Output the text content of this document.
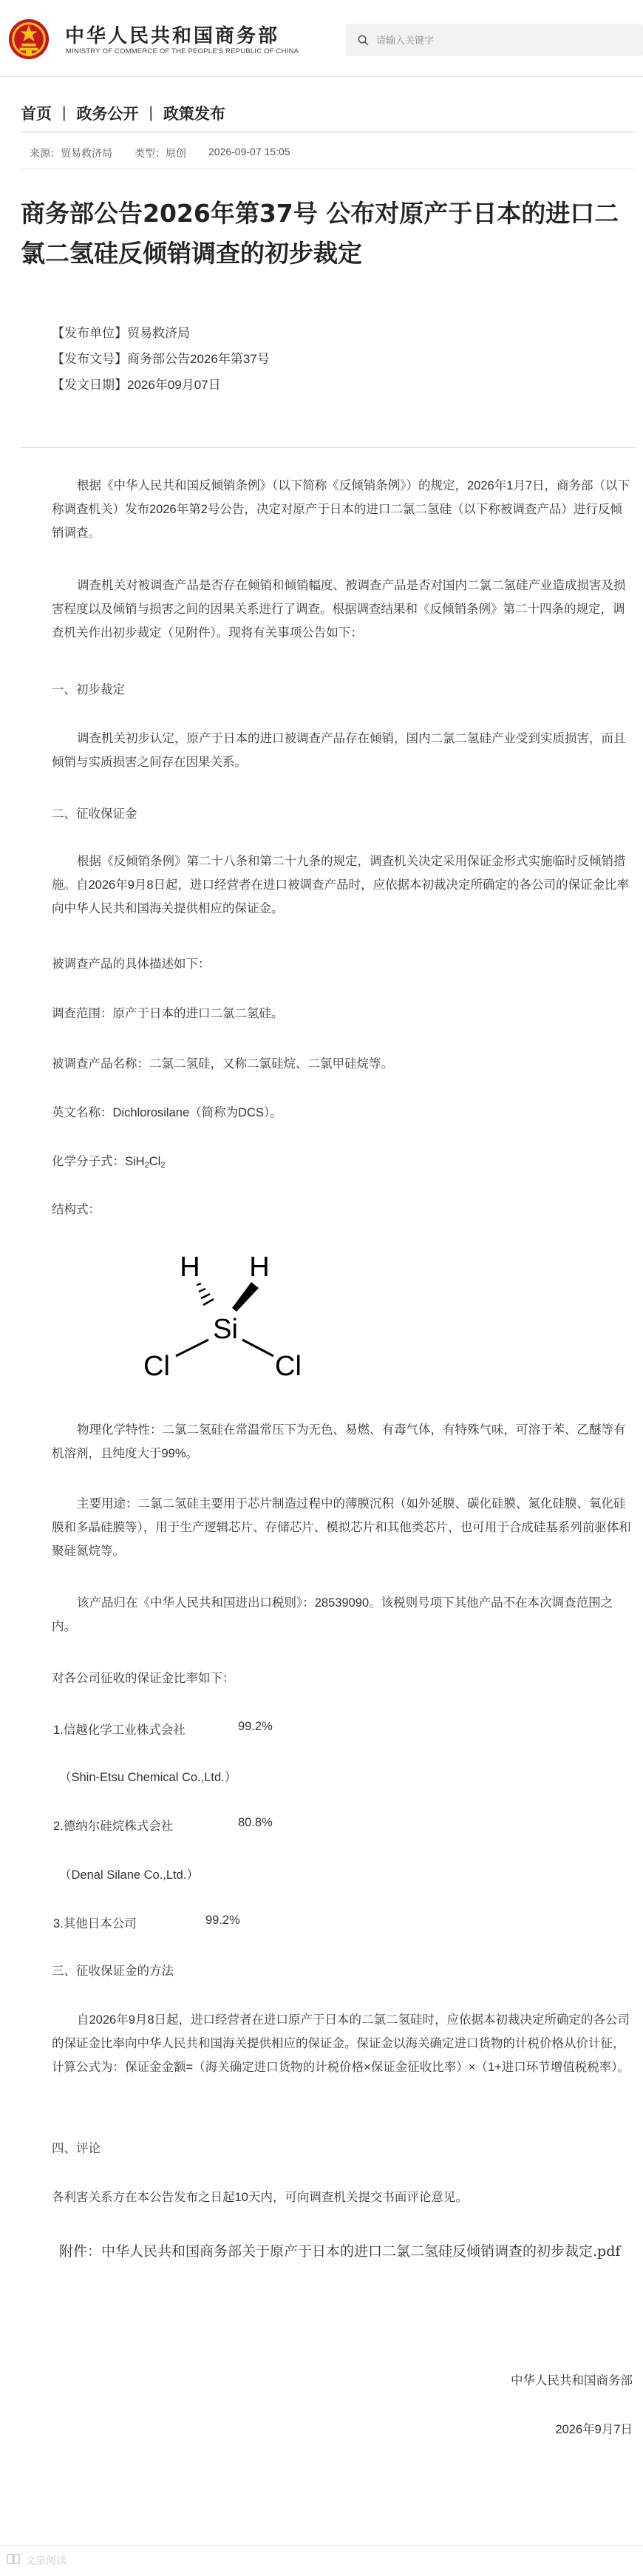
中华人民共和国商务部
MINISTRY OF COMMERCE OF THE PEOPLE'S REPUBLIC OF CHINA
请输入关键字
首页 | 政务公开 | 政策发布
来源：贸易救济局 类型：原创 2026-09-07 15:05
商务部公告2026年第37号 公布对原产于日本的进口二氯二氢硅反倾销调查的初步裁定
【发布单位】贸易救济局
【发布文号】商务部公告2026年第37号
【发文日期】2026年09月07日
根据《中华人民共和国反倾销条例》（以下简称《反倾销条例》）的规定，2026年1月7日，商务部（以下称调查机关）发布2026年第2号公告，决定对原产于日本的进口二氯二氢硅（以下称被调查产品）进行反倾销调查。
调查机关对被调查产品是否存在倾销和倾销幅度、被调查产品是否对国内二氯二氢硅产业造成损害及损害程度以及倾销与损害之间的因果关系进行了调查。根据调查结果和《反倾销条例》第二十四条的规定，调查机关作出初步裁定（见附件）。现将有关事项公告如下：
一、初步裁定
调查机关初步认定，原产于日本的进口被调查产品存在倾销，国内二氯二氢硅产业受到实质损害，而且倾销与实质损害之间存在因果关系。
二、征收保证金
根据《反倾销条例》第二十八条和第二十九条的规定，调查机关决定采用保证金形式实施临时反倾销措施。自2026年9月8日起，进口经营者在进口被调查产品时，应依据本初裁决定所确定的各公司的保证金比率向中华人民共和国海关提供相应的保证金。
被调查产品的具体描述如下：
调查范围：原产于日本的进口二氯二氢硅。
被调查产品名称：二氯二氢硅，又称二氯硅烷、二氯甲硅烷等。
英文名称：Dichlorosilane（简称为DCS）。
化学分子式：$SiH_2Cl_2$
结构式：
H H
Si
Cl	Cl
物理化学特性：二氯二氢硅在常温常压下为无色、易燃、有毒气体，有特殊气味，可溶于苯、乙醚等有机溶剂，且纯度大于99%。
主要用途：二氯二氢硅主要用于芯片制造过程中的薄膜沉积（如外延膜、碳化硅膜、氮化硅膜、氧化硅膜和多晶硅膜等），用于生产逻辑芯片、存储芯片、模拟芯片和其他类芯片，也可用于合成硅基系列前驱体和聚硅氮烷等。
该产品归在《中华人民共和国进出口税则》：28539090。该税则号项下其他产品不在本次调查范围之内。
对各公司征收的保证金比率如下：
1.信越化学工业株式会社	99.2%
（Shin-Etsu Chemical Co.,Ltd.）
2.德纳尔硅烷株式会社	80.8%
（Denal Silane Co.,Ltd.）
3.其他日本公司	99.2%
三、征收保证金的方法
自2026年9月8日起，进口经营者在进口原产于日本的二氯二氢硅时，应依据本初裁决定所确定的各公司的保证金比率向中华人民共和国海关提供相应的保证金。保证金以海关确定进口货物的计税价格从价计征，计算公式为：保证金金额=（海关确定进口货物的计税价格×保证金征收比率）×（1+进口环节增值税税率）。
四、评论
各利害关系方在本公告发布之日起10天内，可向调查机关提交书面评论意见。
附件：中华人民共和国商务部关于原产于日本的进口二氯二氢硅反倾销调查的初步裁定.pdf
中华人民共和国商务部
2026年9月7日
文泉阅读
